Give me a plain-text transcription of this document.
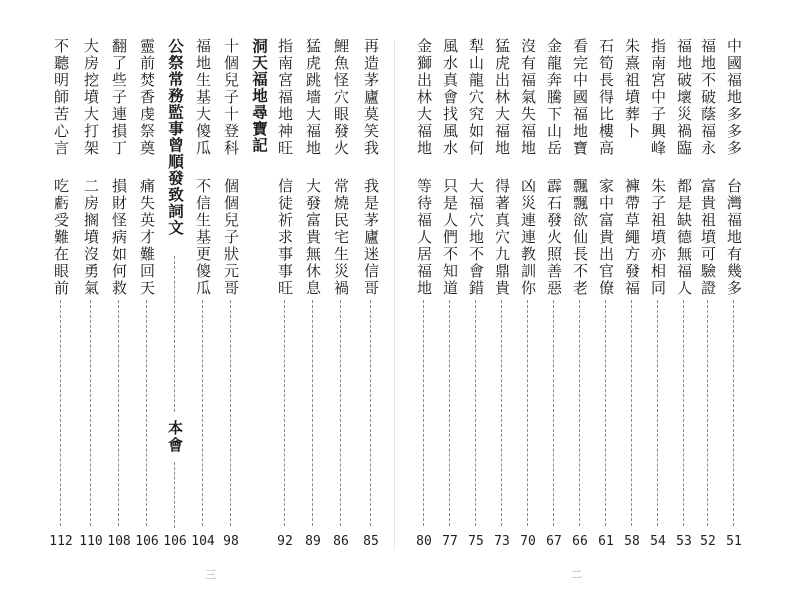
再造茅廬莫笑我
我是茅廬迷信哥
85
鯉魚怪穴眼發火
常燒民宅生災禍
86
猛虎跳墻大福地
大發富貴無休息
89
指南宮福地神旺
信徒祈求事事旺
92
洞天福地尋寶記
十個兒子十登科
個個兒子狀元哥
98
福地生基大傻瓜
不信生基更傻瓜
104
公祭常務監事曾順發致詞文
本會
106
靈前焚香虔祭奠
痛失英才難回天
106
翻了些子連損丁
損財怪病如何救
108
大房挖墳大打架
二房搁墳沒勇氣
110
不聽明師苦心言
吃虧受難在眼前
112
三
中國福地多多多
台灣福地有幾多
51
福地不破蔭福永
富貴祖墳可驗證
52
福地破壞災禍臨
都是缺德無福人
53
指南宮中子興峰
朱子祖墳亦相同
54
朱熹祖墳葬卜
褲帶草繩方發福
58
石筍長得比樓高
家中富貴出官僚
61
看完中國福地寶
飄飄欲仙長不老
66
金龍奔騰下山岳
霹石發火照善惡
67
沒有福氣失福地
凶災連連教訓你
70
猛虎出林大福地
得著真穴九鼎貴
73
犁山龍穴究如何
大福穴地不會錯
75
風水真會找風水
只是人們不知道
77
金獅出林大福地
等待福人居福地
80
二
